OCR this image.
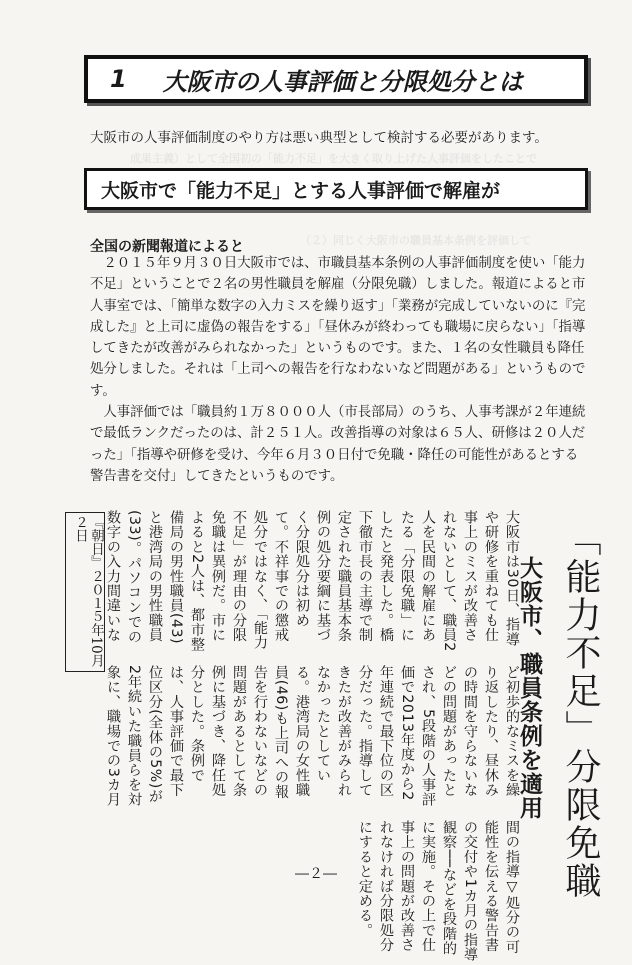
成果主義）として全国初の「能力不足」を大きく取り上げた人事評価をしたことで
（２）同じく大阪市の職員基本条例を評価して
1 大阪市の人事評価と分限処分とは
大阪市の人事評価制度のやり方は悪い典型として検討する必要があります。
大阪市で「能力不足」とする人事評価で解雇が
全国の新聞報道によると

２０１５年９月３０日大阪市では、市職員基本条例の人事評価制度を使い「能力不足」ということで２名の男性職員を解雇（分限免職）しました。報道によると市人事室では、「簡単な数字の入力ミスを繰り返す」「業務が完成していないのに『完成した』と上司に虚偽の報告をする」「昼休みが終わっても職場に戻らない」「指導してきたが改善がみられなかった」というものです。また、１名の女性職員も降任処分しました。それは「上司への報告を行なわないなど問題がある」というものです。

人事評価では「職員約１万８０００人（市長部局）のうち、人事考課が２年連続で最低ランクだったのは、計２５１人。改善指導の対象は６５人、研修は２０人だった」「指導や研修を受け、今年６月３０日付で免職・降任の可能性があるとする警告書を交付」してきたというものです。

『朝日』２０１５年10月２日	大阪市は30日、指導や研修を重ねても仕事上のミスが改善されないとして、職員2人を民間の解雇にあたる「分限免職」にしたと発表した。橋下徹市長の主導で制定された職員基本条例の処分要綱に基づく分限処分は初めて。不祥事での懲戒処分ではなく、「能力不足」が理由の分限免職は異例だ。市によると2人は、都市整備局の男性職員(43)と港湾局の男性職員(33)。パソコンでの数字の入力間違いなど初歩的なミスを繰り返したり、昼休みの時間を守らないなどの問題があったとされ、5段階の人事評価で2013年度から2年連続で最下位の区分だった。指導してきたが改善がみられなかったとしている。港湾局の女性職員(46)も上司への報告を行わないなどの問題があるとして条例に基づき、降任処分とした。条例では、人事評価で最下位区分(全体の5%)が2年続いた職員らを対象に、職場での3カ月間の指導▽処分の可能性を伝える警告書の交付や1カ月の指導観察──などを段階的に実施。その上で仕事上の問題が改善されなければ分限処分にすると定める。
大阪市、職員条例を適用 「能力不足」分限免職
―２―
